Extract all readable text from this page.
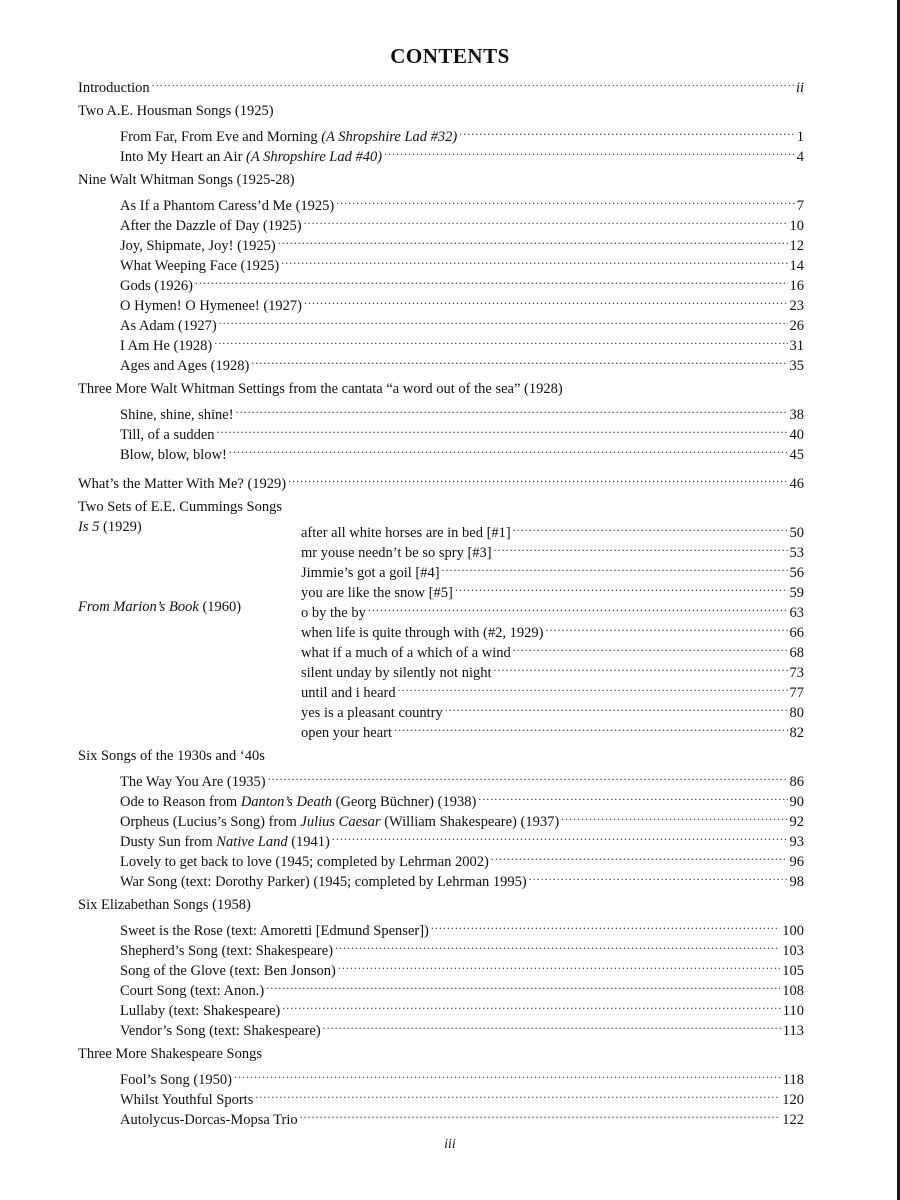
CONTENTS
Introduction .....	ii
Two A.E. Housman Songs (1925)
From Far, From Eve and Morning (A Shropshire Lad #32) .....	1
Into My Heart an Air (A Shropshire Lad #40) .....	4
Nine Walt Whitman Songs (1925-28)
As If a Phantom Caress’d Me (1925) .....	7
After the Dazzle of Day (1925) .....	10
Joy, Shipmate, Joy! (1925) .....	12
What Weeping Face (1925) .....	14
Gods (1926) .....	16
O Hymen! O Hymenee! (1927) .....	23
As Adam (1927) .....	26
I Am He (1928) .....	31
Ages and Ages (1928) .....	35
Three More Walt Whitman Settings from the cantata “a word out of the sea” (1928)
Shine, shine, shine! .....	38
Till, of a sudden .....	40
Blow, blow, blow! .....	45
What’s the Matter With Me? (1929) .....	46
Two Sets of E.E. Cummings Songs
Is 5 (1929)	after all white horses are in bed [#1] .....	50
mr youse needn’t be so spry [#3] .....	53
Jimmie’s got a goil [#4] .....	56
you are like the snow [#5] .....	59
From Marion’s Book (1960)	o by the by .....	63
when life is quite through with (#2, 1929) .....	66
what if a much of a which of a wind .....	68
silent unday by silently not night .....	73
until and i heard .....	77
yes is a pleasant country .....	80
open your heart .....	82
Six Songs of the 1930s and ‘40s
The Way You Are (1935) .....	86
Ode to Reason from Danton’s Death (Georg Büchner) (1938) .....	90
Orpheus (Lucius’s Song) from Julius Caesar (William Shakespeare) (1937) .....	92
Dusty Sun from Native Land (1941) .....	93
Lovely to get back to love (1945; completed by Lehrman 2002) .....	96
War Song (text: Dorothy Parker) (1945; completed by Lehrman 1995) .....	98
Six Elizabethan Songs (1958)
Sweet is the Rose (text: Amoretti [Edmund Spenser]) .....	100
Shepherd’s Song (text: Shakespeare) .....	103
Song of the Glove (text: Ben Jonson) .....	105
Court Song (text: Anon.) .....	108
Lullaby (text: Shakespeare) .....	110
Vendor’s Song (text: Shakespeare) .....	113
Three More Shakespeare Songs
Fool’s Song (1950) .....	118
Whilst Youthful Sports .....	120
Autolycus-Dorcas-Mopsa Trio .....	122
iii
